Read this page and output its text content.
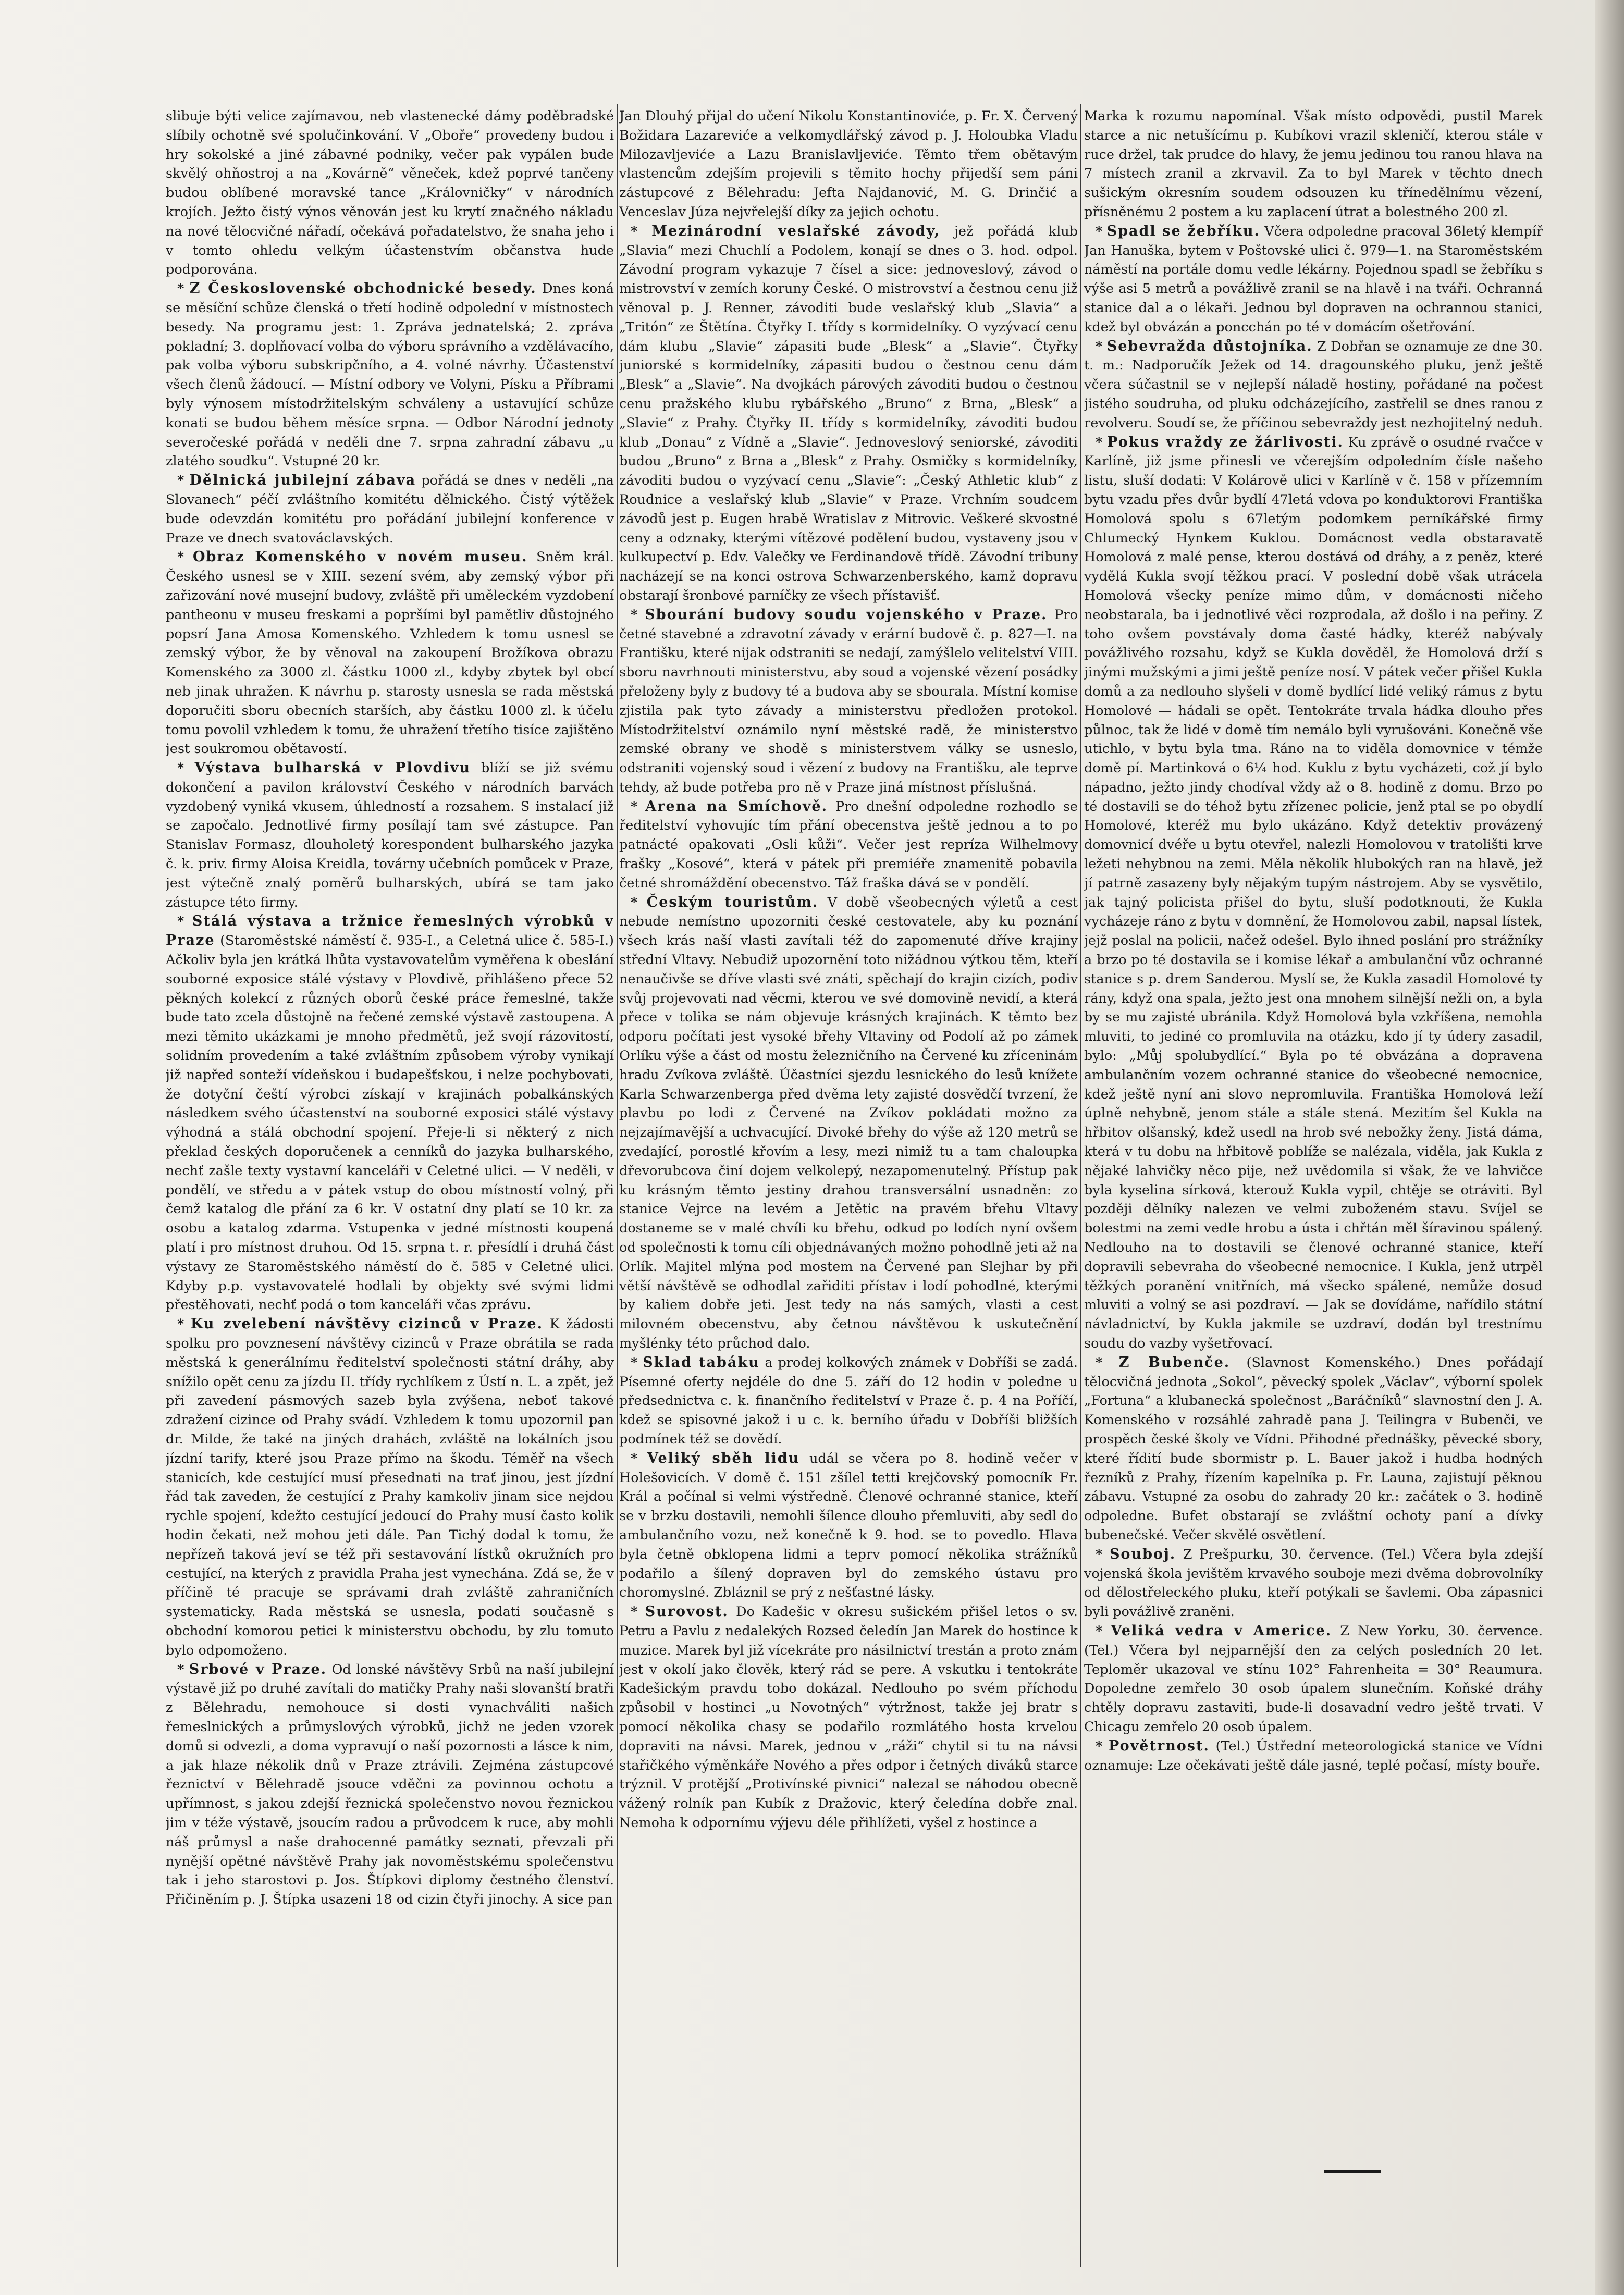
slibuje býti velice zajímavou, neb vlastenecké dámy poděbradské slíbily ochotně své spolučinkování. V „Oboře“ provedeny budou i hry sokolské a jiné zábavné podniky, večer pak vypálen bude skvělý ohňostroj a na „Kovárně“ věneček, kdež poprvé tančeny budou oblíbené moravské tance „Královničky“ v národních krojích. Ježto čistý výnos věnován jest ku krytí značného nákladu na nové tělocvičné nářadí, očekává pořadatelstvo, že snaha jeho i v tomto ohledu velkým účastenstvím občanstva hude podporována.

* Z Československé obchodnické besedy. Dnes koná se měsíční schůze členská o třetí hodině odpolední v místnostech besedy. Na programu jest: 1. Zpráva jednatelská; 2. zpráva pokladní; 3. doplňovací volba do výboru správního a vzdělávacího, pak volba výboru subskripčního, a 4. volné návrhy. Účastenství všech členů žádoucí. — Místní odbory ve Volyni, Písku a Příbrami byly výnosem místodržitelským schváleny a ustavující schůze konati se budou během měsíce srpna. — Odbor Národní jednoty severočeské pořádá v neděli dne 7. srpna zahradní zábavu „u zlatého soudku“. Vstupné 20 kr.

* Dělnická jubilejní zábava pořádá se dnes v neděli „na Slovanech“ péčí zvláštního komitétu dělnického. Čistý výtěžek bude odevzdán komitétu pro pořádání jubilejní konference v Praze ve dnech svatováclavských.

* Obraz Komenského v novém museu. Sněm král. Českého usnesl se v XIII. sezení svém, aby zemský výbor při zařizování nové musejní budovy, zvláště při uměleckém vyzdobení pantheonu v museu freskami a popršími byl pamětliv důstojného popsrí Jana Amosa Komenského. Vzhledem k tomu usnesl se zemský výbor, že by věnoval na zakoupení Brožíkova obrazu Komenského za 3000 zl. částku 1000 zl., kdyby zbytek byl obcí neb jinak uhražen. K návrhu p. starosty usnesla se rada městská doporučiti sboru obecních starších, aby částku 1000 zl. k účelu tomu povolil vzhledem k tomu, že uhražení třetího tisíce zajištěno jest soukromou obětavostí.

* Výstava bulharská v Plovdivu blíží se již svému dokončení a pavilon království Českého v národních barvách vyzdobený vyniká vkusem, úhledností a rozsahem. S instalací již se započalo. Jednotlivé firmy posílají tam své zástupce. Pan Stanislav Formasz, dlouholetý korespondent bulharského jazyka č. k. priv. firmy Aloisa Kreidla, továrny učebních pomůcek v Praze, jest výtečně znalý poměrů bulharských, ubírá se tam jako zástupce této firmy.

* Stálá výstava a tržnice řemeslných výrobků v Praze (Staroměstské náměstí č. 935-I., a Celetná ulice č. 585-I.) Ačkoliv byla jen krátká lhůta vystavovatelům vyměřena k obeslání souborné exposice stálé výstavy v Plovdivě, přihlášeno přece 52 pěkných kolekcí z různých oborů české práce řemeslné, takže bude tato zcela důstojně na řečené zemské výstavě zastoupena. A mezi těmito ukázkami je mnoho předmětů, jež svojí rázovitostí, solidním provedením a také zvláštním způsobem výroby vynikají již napřed sonteží vídeňskou i budapešťskou, i nelze pochybovati, že dotyční čeští výrobci získají v krajinách pobalkánských následkem svého účastenství na souborné exposici stálé výstavy výhodná a stálá obchodní spojení. Přeje-li si některý z nich překlad českých doporučenek a cenníků do jazyka bulharského, nechť zašle texty vystavní kanceláři v Celetné ulici. — V neděli, v pondělí, ve středu a v pátek vstup do obou místností volný, při čemž katalog dle přání za 6 kr. V ostatní dny platí se 10 kr. za osobu a katalog zdarma. Vstupenka v jedné místnosti koupená platí i pro místnost druhou. Od 15. srpna t. r. přesídlí i druhá část výstavy ze Staroměstského náměstí do č. 585 v Celetné ulici. Kdyby p.p. vystavovatelé hodlali by objekty své svými lidmi přestěhovati, nechť podá o tom kanceláři včas zprávu.

* Ku zvelebení návštěvy cizinců v Praze. K žádosti spolku pro povznesení návštěvy cizinců v Praze obrátila se rada městská k generálnímu ředitelství společnosti státní dráhy, aby snížilo opět cenu za jízdu II. třídy rychlíkem z Ústí n. L. a zpět, jež při zavedení pásmových sazeb byla zvýšena, neboť takové zdražení cizince od Prahy svádí. Vzhledem k tomu upozornil pan dr. Milde, že také na jiných drahách, zvláště na lokálních jsou jízdní tarify, které jsou Praze přímo na škodu. Téměř na všech stanicích, kde cestující musí přesednati na trať jinou, jest jízdní řád tak zaveden, že cestující z Prahy kamkoliv jinam sice nejdou rychle spojení, kdežto cestující jedoucí do Prahy musí často kolik hodin čekati, než mohou jeti dále. Pan Tichý dodal k tomu, že nepřízeň taková jeví se též při sestavování lístků okružních pro cestující, na kterých z pravidla Praha jest vynechána. Zdá se, že v příčině té pracuje se správami drah zvláště zahraničních systematicky. Rada městská se usnesla, podati současně s obchodní komorou petici k ministerstvu obchodu, by zlu tomuto bylo odpomoženo.

* Srbové v Praze. Od lonské návštěvy Srbů na naší jubilejní výstavě již po druhé zavítali do matičky Prahy naši slovanští bratři z Bělehradu, nemohouce si dosti vynachváliti našich řemeslnických a průmyslových výrobků, jichž ne jeden vzorek domů si odvezli, a doma vypravují o naší pozornosti a lásce k nim, a jak hlaze nékolik dnů v Praze ztrávili. Zejména zástupcové řeznictví v Bělehradě jsouce vděčni za povinnou ochotu a upřímnost, s jakou zdejší řeznická společenstvo novou řeznickou jim v téže výstavě, jsoucím radou a průvodcem k ruce, aby mohli náš průmysl a naše drahocenné památky seznati, převzali při nynější opětné návštěvě Prahy jak novoměstskému společenstvu tak i jeho starostovi p. Jos. Štípkovi diplomy čestného členství. Přičiněním p. J. Štípka usazeni 18 od cizin čtyři jinochy. A sice pan

Jan Dlouhý přijal do učení Nikolu Konstantinoviće, p. Fr. X. Červený Božidara Lazareviće a velkomydlářský závod p. J. Holoubka Vladu Milozavljeviće a Lazu Branislavljeviće. Těmto třem obětavým vlastencům zdejším projevili s těmito hochy přijedší sem páni zástupcové z Bělehradu: Jefta Najdanović, M. G. Drinčić a Venceslav Júza nejvřelejší díky za jejich ochotu.

* Mezinárodní veslařské závody, jež pořádá klub „Slavia“ mezi Chuchlí a Podolem, konají se dnes o 3. hod. odpol. Závodní program vykazuje 7 čísel a sice: jednoveslový, závod o mistrovství v zemích koruny České. O mistrovství a čestnou cenu již věnoval p. J. Renner, závoditi bude veslařský klub „Slavia“ a „Tritón“ ze Štětína. Čtyřky I. třídy s kormidelníky. O vyzývací cenu dám klubu „Slavie“ zápasiti bude „Blesk“ a „Slavie“. Čtyřky juniorské s kormidelníky, zápasiti budou o čestnou cenu dám „Blesk“ a „Slavie“. Na dvojkách párových závoditi budou o čestnou cenu pražského klubu rybářského „Bruno“ z Brna, „Blesk“ a „Slavie“ z Prahy. Čtyřky II. třídy s kormidelníky, závoditi budou klub „Donau“ z Vídně a „Slavie“. Jednoveslový seniorské, závoditi budou „Bruno“ z Brna a „Blesk“ z Prahy. Osmičky s kormidelníky, závoditi budou o vyzývací cenu „Slavie“: „Český Athletic klub“ z Roudnice a veslařský klub „Slavie“ v Praze. Vrchním soudcem závodů jest p. Eugen hrabě Wratislav z Mitrovic. Veškeré skvostné ceny a odznaky, kterými vítězové podělení budou, vystaveny jsou v kulkupectví p. Edv. Valečky ve Ferdinandově třídě. Závodní tribuny nacházejí se na konci ostrova Schwarzenberského, kamž dopravu obstarají šronbové parníčky ze všech přístavišť.

* Sbourání budovy soudu vojenského v Praze. Pro četné stavebné a zdravotní závady v erární budově č. p. 827—I. na Františku, které nijak odstraniti se nedají, zamýšlelo velitelství VIII. sboru navrhnouti ministerstvu, aby soud a vojenské vězení posádky přeloženy byly z budovy té a budova aby se sbourala. Místní komise zjistila pak tyto závady a ministerstvu předložen protokol. Místodržitelství oznámilo nyní městské radě, že ministerstvo zemské obrany ve shodě s ministerstvem války se usneslo, odstraniti vojenský soud i vězení z budovy na Františku, ale teprve tehdy, až bude potřeba pro ně v Praze jiná místnost příslušná.

* Arena na Smíchově. Pro dnešní odpoledne rozhodlo se ředitelství vyhovujíc tím přání obecenstva ještě jednou a to po patnácté opakovati „Osli kůži“. Večer jest repríza Wilhelmovy frašky „Kosové“, která v pátek při premiéře znamenitě pobavila četné shromáždění obecenstvo. Táž fraška dává se v pondělí.

* Českým touristům. V době všeobecných výletů a cest nebude nemístno upozorniti české cestovatele, aby ku poznání všech krás naší vlasti zavítali též do zapomenuté dříve krajiny střední Vltavy. Nebudiž upozornění toto nižádnou výtkou těm, kteří nenaučivše se dříve vlasti své znáti, spěchají do krajin cizích, podiv svůj projevovati nad věcmi, kterou ve své domovině nevidí, a která přece v tolika se nám objevuje krásných krajinách. K těmto bez odporu počítati jest vysoké břehy Vltaviny od Podolí až po zámek Orlíku výše a část od mostu železničního na Červené ku zříceninám hradu Zvíkova zvláště. Účastníci sjezdu lesnického do lesů knížete Karla Schwarzenberga před dvěma lety zajisté dosvědčí tvrzení, že plavbu po lodi z Červené na Zvíkov pokládati možno za nejzajímavější a uchvacující. Divoké břehy do výše až 120 metrů se zvedající, porostlé křovím a lesy, mezi nimiž tu a tam chaloupka dřevorubcova činí dojem velkolepý, nezapomenutelný. Přístup pak ku krásným těmto jestiny drahou transversální usnadněn: zo stanice Vejrce na levém a Jetětic na pravém břehu Vltavy dostaneme se v malé chvíli ku břehu, odkud po lodích nyní ovšem od společnosti k tomu cíli objednávaných možno pohodlně jeti až na Orlík. Majitel mlýna pod mostem na Červené pan Slejhar by při větší návštěvě se odhodlal zařiditi přístav i lodí pohodlné, kterými by kaliem dobře jeti. Jest tedy na nás samých, vlasti a cest milovném obecenstvu, aby četnou návštěvou k uskutečnění myšlénky této průchod dalo.

* Sklad tabáku a prodej kolkových známek v Dobříši se zadá. Písemné oferty nejdéle do dne 5. září do 12 hodin v poledne u předsednictva c. k. finančního ředitelství v Praze č. p. 4 na Poříčí, kdež se spisovné jakož i u c. k. berního úřadu v Dobříši bližších podmínek též se dovědí.

* Veliký sběh lidu udál se včera po 8. hodině večer v Holešovicích. V domě č. 151 zšílel tetti krejčovský pomocník Fr. Král a počínal si velmi výstředně. Členové ochranné stanice, kteří se v brzku dostavili, nemohli šílence dlouho přemluviti, aby sedl do ambulančního vozu, než konečně k 9. hod. se to povedlo. Hlava byla četně obklopena lidmi a teprv pomocí několika strážníků podařilo a šílený dopraven byl do zemského ústavu pro choromyslné. Zbláznil se prý z nešťastné lásky.

* Surovost. Do Kadešic v okresu sušickém přišel letos o sv. Petru a Pavlu z nedalekých Rozsed čeledín Jan Marek do hostince k muzice. Marek byl již vícekráte pro násilnictví trestán a proto znám jest v okolí jako člověk, který rád se pere. A vskutku i tentokráte Kadešickým pravdu tobo dokázal. Nedlouho po svém příchodu způsobil v hostinci „u Novotných“ výtržnost, takže jej bratr s pomocí několika chasy se podařilo rozmlátého hosta krvelou dopraviti na návsi. Marek, jednou v „ráži“ chytil si tu na návsi stařičkého výměnkáře Nového a přes odpor i četných diváků starce trýznil. V protější „Protivínské pivnici“ nalezal se náhodou obecně vážený rolník pan Kubík z Dražovic, který čeledína dobře znal. Nemoha k odpornímu výjevu déle přihlížeti, vyšel z hostince a

Marka k rozumu napomínal. Však místo odpovědi, pustil Marek starce a nic netušícímu p. Kubíkovi vrazil skleničí, kterou stále v ruce držel, tak prudce do hlavy, že jemu jedinou tou ranou hlava na 7 místech zranil a zkrvavil. Za to byl Marek v těchto dnech sušickým okresním soudem odsouzen ku třínedělnímu vězení, přísněnému 2 postem a ku zaplacení útrat a bolestného 200 zl.

* Spadl se žebříku. Včera odpoledne pracoval 36letý klempíř Jan Hanuška, bytem v Poštovské ulici č. 979—1. na Staroměstském náměstí na portále domu vedle lékárny. Pojednou spadl se žebříku s výše asi 5 metrů a povážlivě zranil se na hlavě i na tváři. Ochranná stanice dal a o lékaři. Jednou byl dopraven na ochrannou stanici, kdež byl obvázán a poncchán po té v domácím ošetřování.

* Sebevražda důstojníka. Z Dobřan se oznamuje ze dne 30. t. m.: Nadporučík Ježek od 14. dragounského pluku, jenž ještě včera súčastnil se v nejlepší náladě hostiny, pořádané na počest jistého soudruha, od pluku odcházejícího, zastřelil se dnes ranou z revolveru. Soudí se, že příčinou sebevraždy jest nezhojitelný neduh.

* Pokus vraždy ze žárlivosti. Ku zprávě o osudné rvačce v Karlíně, již jsme přinesli ve včerejším odpoledním čísle našeho listu, sluší dodati: V Kolárově ulici v Karlíně v č. 158 v přízemním bytu vzadu přes dvůr bydlí 47letá vdova po konduktorovi Františka Homolová spolu s 67letým podomkem perníkářské firmy Chlumecký Hynkem Kuklou. Domácnost vedla obstaravatě Homolová z malé pense, kterou dostává od dráhy, a z peněz, které vydělá Kukla svojí těžkou prací. V poslední době však utrácela Homolová všecky peníze mimo dům, v domácnosti ničeho neobstarala, ba i jednotlivé věci rozprodala, až došlo i na peřiny. Z toho ovšem povstávaly doma časté hádky, kteréž nabývaly povážlivého rozsahu, když se Kukla dověděl, že Homolová drží s jinými mužskými a jimi ještě peníze nosí. V pátek večer přišel Kukla domů a za nedlouho slyšeli v domě bydlící lidé veliký rámus z bytu Homolové — hádali se opět. Tentokráte trvala hádka dlouho přes půlnoc, tak že lidé v domě tím nemálo byli vyrušováni. Konečně vše utichlo, v bytu byla tma. Ráno na to viděla domovnice v témže domě pí. Martinková o 6¼ hod. Kuklu z bytu vycházeti, což jí bylo nápadno, ježto jindy chodíval vždy až o 8. hodině z domu. Brzo po té dostavili se do téhož bytu zřízenec policie, jenž ptal se po obydlí Homolové, kteréž mu bylo ukázáno. Když detektiv provázený domovnicí dvéře u bytu otevřel, nalezli Homolovou v tratolišti krve ležeti nehybnou na zemi. Měla několik hlubokých ran na hlavě, jež jí patrně zasazeny byly nějakým tupým nástrojem. Aby se vysvětilo, jak tajný policista přišel do bytu, sluší podotknouti, že Kukla vycházeje ráno z bytu v domnění, že Homolovou zabil, napsal lístek, jejž poslal na policii, načež odešel. Bylo ihned poslání pro strážníky a brzo po té dostavila se i komise lékař a ambulanční vůz ochranné stanice s p. drem Sanderou. Myslí se, že Kukla zasadil Homolové ty rány, když ona spala, ježto jest ona mnohem silnější nežli on, a byla by se mu zajisté ubránila. Když Homolová byla vzkříšena, nemohla mluviti, to jediné co promluvila na otázku, kdo jí ty údery zasadil, bylo: „Můj spolubydlící.“ Byla po té obvázána a dopravena ambulančním vozem ochranné stanice do všeobecné nemocnice, kdež ještě nyní ani slovo nepromluvila. Františka Homolová leží úplně nehybně, jenom stále a stále stená. Mezitím šel Kukla na hřbitov olšanský, kdež usedl na hrob své nebožky ženy. Jistá dáma, která v tu dobu na hřbitově poblíže se nalézala, viděla, jak Kukla z nějaké lahvičky něco pije, než uvědomila si však, že ve lahvičce byla kyselina sírková, kterouž Kukla vypil, chtěje se otráviti. Byl později dělníky nalezen ve velmi zuboženém stavu. Svíjel se bolestmi na zemi vedle hrobu a ústa i chřtán měl šíravinou spálený. Nedlouho na to dostavili se členové ochranné stanice, kteří dopravili sebevraha do všeobecné nemocnice. I Kukla, jenž utrpěl těžkých poranění vnitřních, má všecko spálené, nemůže dosud mluviti a volný se asi pozdraví. — Jak se dovídáme, nařídilo státní návladnictví, by Kukla jakmile se uzdraví, dodán byl trestnímu soudu do vazby vyšetřovací.

* Z Bubenče. (Slavnost Komenského.) Dnes pořádají tělocvičná jednota „Sokol“, pěvecký spolek „Václav“, výborní spolek „Fortuna“ a klubanecká společnost „Baráčníků“ slavnostní den J. A. Komenského v rozsáhlé zahradě pana J. Teilingra v Bubenči, ve prospěch české školy ve Vídni. Přihodné přednášky, pěvecké sbory, které řídití bude sbormistr p. L. Bauer jakož i hudba hodných řezníků z Prahy, řízením kapelníka p. Fr. Launa, zajistují pěknou zábavu. Vstupné za osobu do zahrady 20 kr.: začátek o 3. hodině odpoledne. Bufet obstarají se zvláštní ochoty paní a dívky bubenečské. Večer skvělé osvětlení.

* Souboj. Z Prešpurku, 30. července. (Tel.) Včera byla zdejší vojenská škola jevištěm krvavého souboje mezi dvěma dobrovolníky od dělostřeleckého pluku, kteří potýkali se šavlemi. Oba zápasnici byli povážlivě zraněni.

* Veliká vedra v Americe. Z New Yorku, 30. července. (Tel.) Včera byl nejparnější den za celých posledních 20 let. Teploměr ukazoval ve stínu 102° Fahrenheita = 30° Reaumura. Dopoledne zemřelo 30 osob úpalem slunečním. Koňské dráhy chtěly dopravu zastaviti, bude-li dosavadní vedro ještě trvati. V Chicagu zemřelo 20 osob úpalem.

* Povětrnost. (Tel.) Ústřední meteorologická stanice ve Vídni oznamuje: Lze očekávati ještě dále jasné, teplé počasí, místy bouře.
